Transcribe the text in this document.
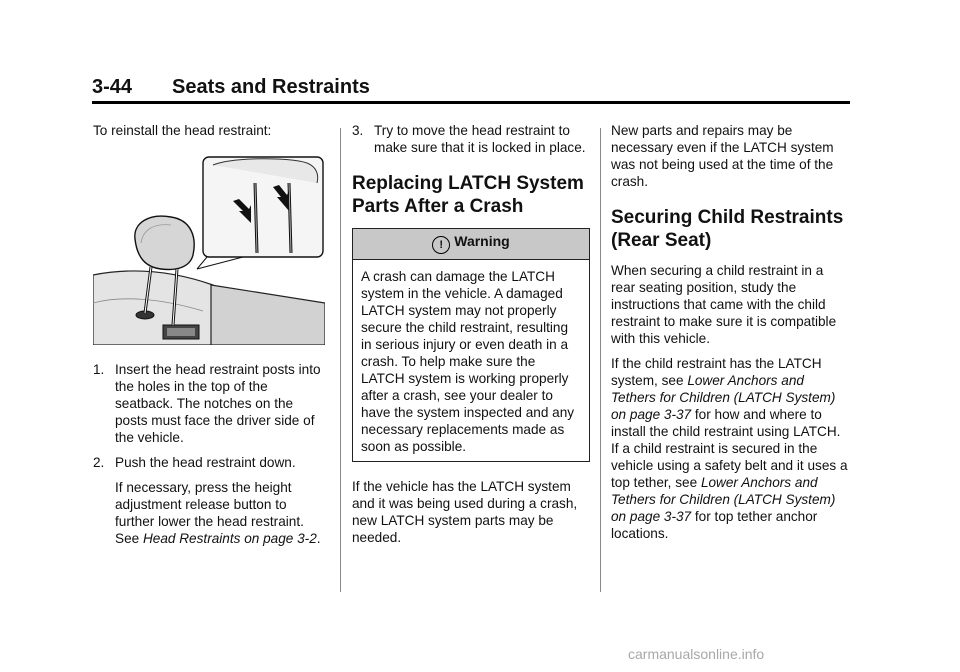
3-44 Seats and Restraints

To reinstall the head restraint:

1. Insert the head restraint posts into the holes in the top of the seatback. The notches on the posts must face the driver side of the vehicle.
2. Push the head restraint down.
If necessary, press the height adjustment release button to further lower the head restraint. See Head Restraints on page 3-2.
3. Try to move the head restraint to make sure that it is locked in place.
Replacing LATCH System Parts After a Crash
! Warning
A crash can damage the LATCH system in the vehicle. A damaged LATCH system may not properly secure the child restraint, resulting in serious injury or even death in a crash. To help make sure the LATCH system is working properly after a crash, see your dealer to have the system inspected and any necessary replacements made as soon as possible.

If the vehicle has the LATCH system and it was being used during a crash, new LATCH system parts may be needed.

New parts and repairs may be necessary even if the LATCH system was not being used at the time of the crash.

Securing Child Restraints (Rear Seat)

When securing a child restraint in a rear seating position, study the instructions that came with the child restraint to make sure it is compatible with this vehicle.

If the child restraint has the LATCH system, see Lower Anchors and Tethers for Children (LATCH System) on page 3-37 for how and where to install the child restraint using LATCH. If a child restraint is secured in the vehicle using a safety belt and it uses a top tether, see Lower Anchors and Tethers for Children (LATCH System) on page 3-37 for top tether anchor locations.

carmanualsonline.info
